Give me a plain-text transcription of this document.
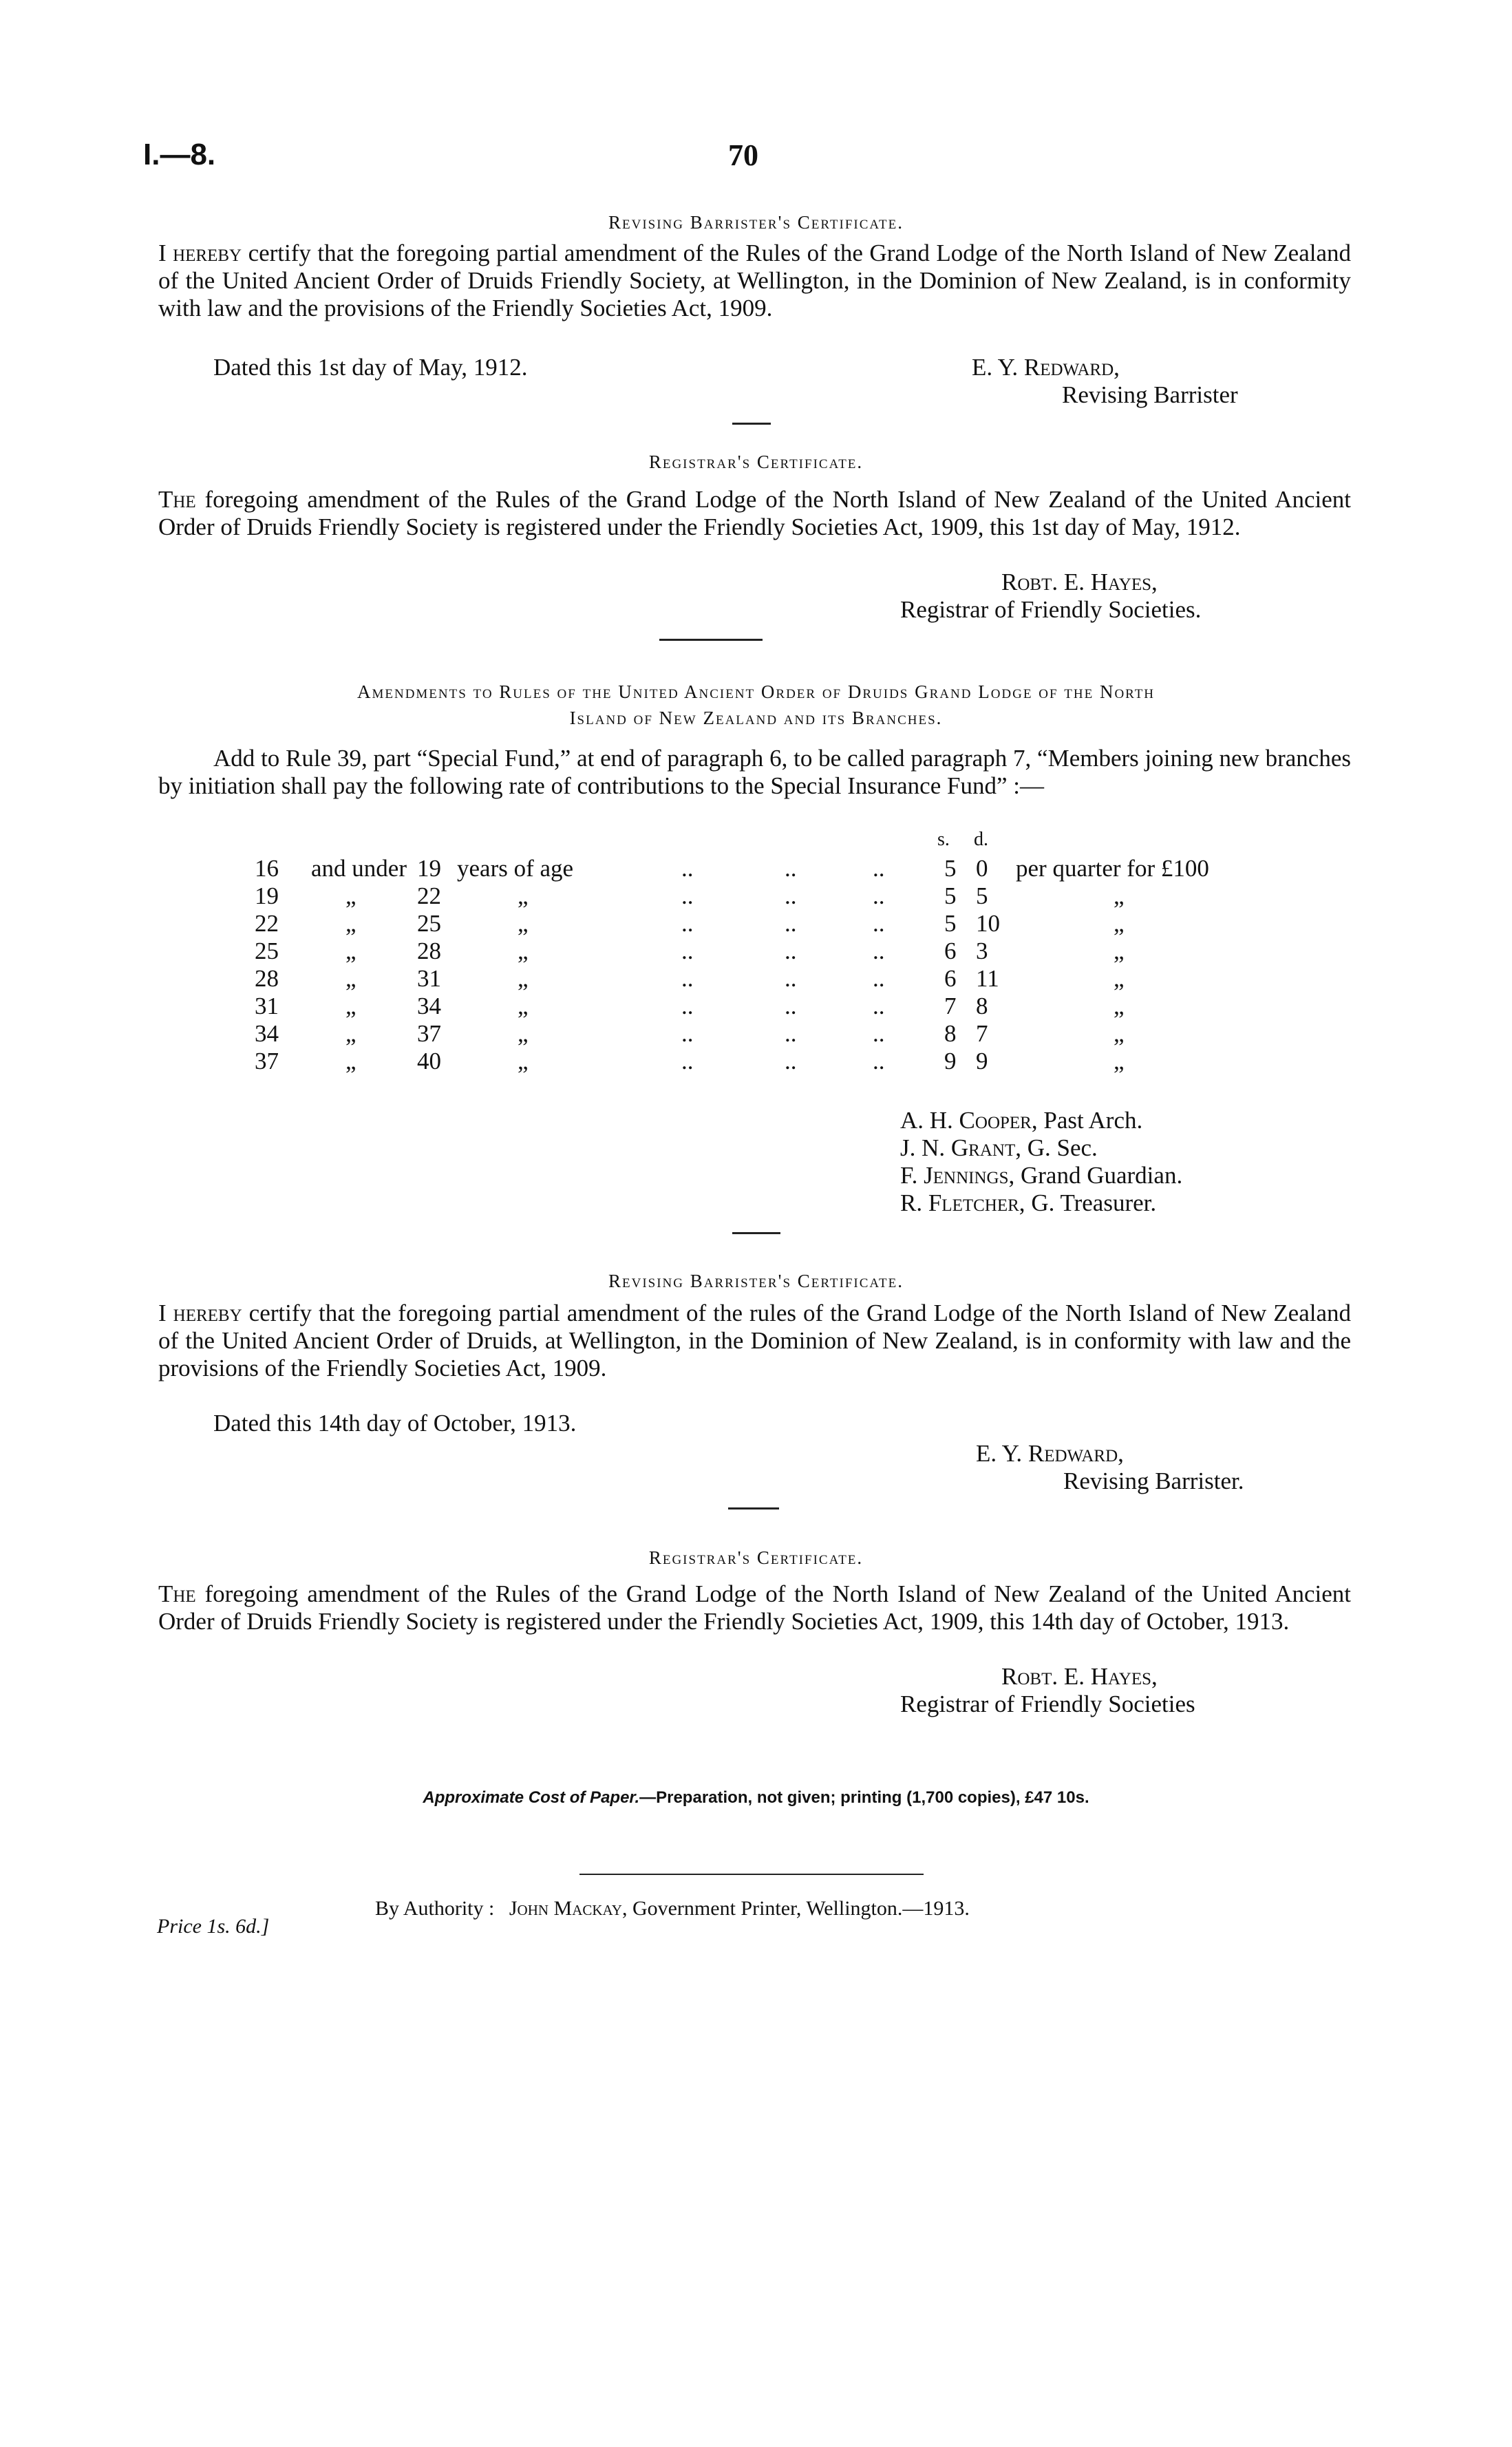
I.—8.	70
Revising Barrister's Certificate.
I hereby certify that the foregoing partial amendment of the Rules of the Grand Lodge of the North Island of New Zealand of the United Ancient Order of Druids Friendly Society, at Wellington, in the Dominion of New Zealand, is in conformity with law and the provisions of the Friendly Societies Act, 1909.
Dated this 1st day of May, 1912.	E. Y. Redward,
Revising Barrister
Registrar's Certificate.
The foregoing amendment of the Rules of the Grand Lodge of the North Island of New Zealand of the United Ancient Order of Druids Friendly Society is registered under the Friendly Societies Act, 1909, this 1st day of May, 1912.
Robt. E. Hayes,
Registrar of Friendly Societies.
Amendments to Rules of the United Ancient Order of Druids Grand Lodge of the North
Island of New Zealand and its Branches.
Add to Rule 39, part “Special Fund,” at end of paragraph 6, to be called paragraph 7, “Members joining new branches by initiation shall pay the following rate of contributions to the Special Insurance Fund” :—
s. d.
16 and under 19 years of age	..	..	.. 5 0 per quarter for £100
19	„	22	„	..	..	.. 5 5	„
22	„	25	„	..	..	.. 5 10	„
25	„	28	„	..	..	.. 6 3	„
28	„	31	„	..	..	.. 6 11	„
31	„	34	„	..	..	.. 7 8	„
34	„	37	„	..	..	.. 8 7	„
37	„	40	„	..	..	.. 9 9	„
A. H. Cooper, Past Arch.
J. N. Grant, G. Sec.
F. Jennings, Grand Guardian.
R. Fletcher, G. Treasurer.
Revising Barrister's Certificate.
I hereby certify that the foregoing partial amendment of the rules of the Grand Lodge of the North Island of New Zealand of the United Ancient Order of Druids, at Wellington, in the Dominion of New Zealand, is in conformity with law and the provisions of the Friendly Societies Act, 1909.
Dated this 14th day of October, 1913.
E. Y. Redward,
Revising Barrister.
Registrar's Certificate.
The foregoing amendment of the Rules of the Grand Lodge of the North Island of New Zealand of the United Ancient Order of Druids Friendly Society is registered under the Friendly Societies Act, 1909, this 14th day of October, 1913.
Robt. E. Hayes,
Registrar of Friendly Societies
Approximate Cost of Paper.—Preparation, not given; printing (1,700 copies), £47 10s.
Price 1s. 6d.]
By Authority : John Mackay, Government Printer, Wellington.—1913.
